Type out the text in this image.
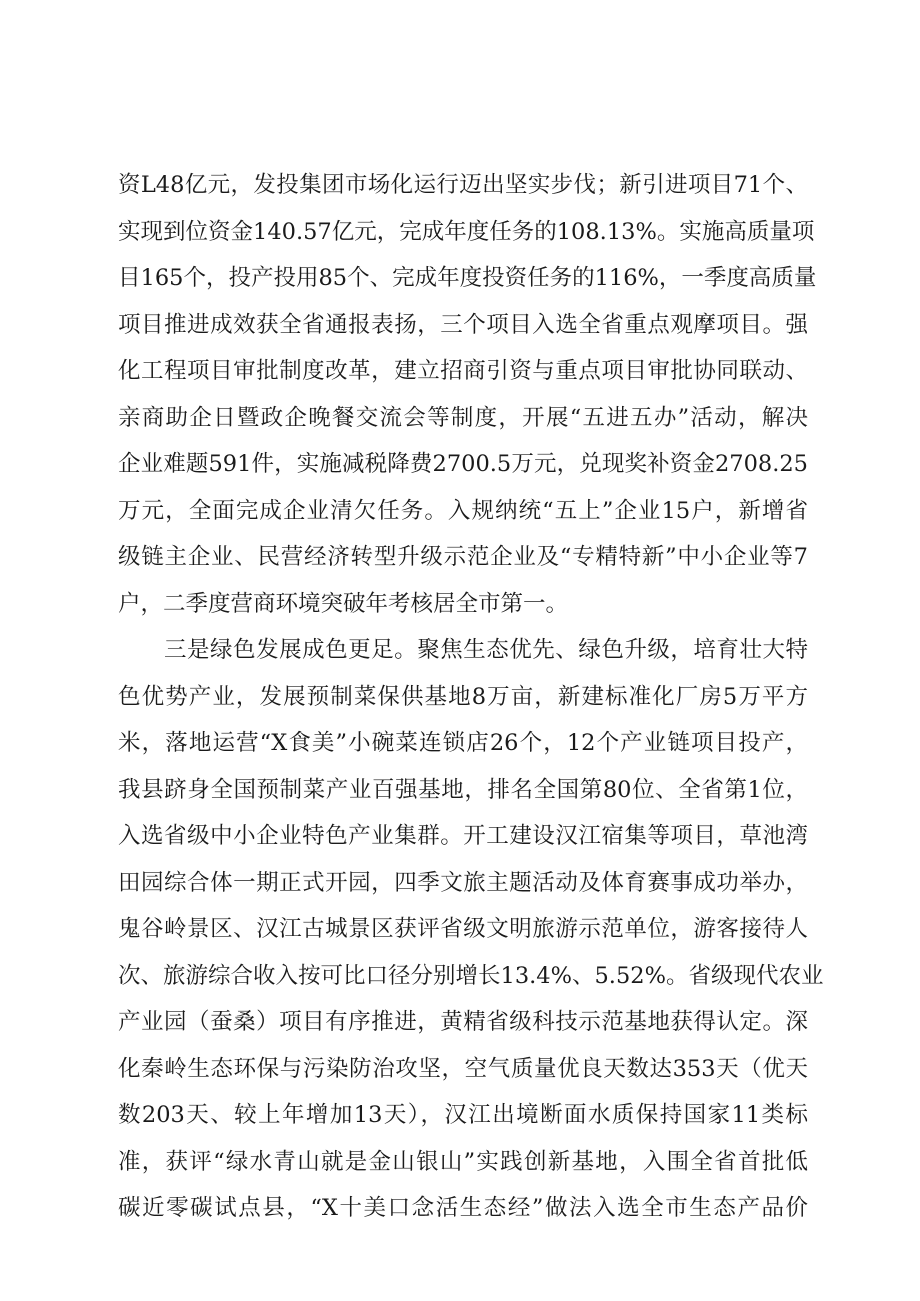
资L48亿元，发投集团市场化运行迈出坚实步伐；新引进项目71个、
实现到位资金140.57亿元，完成年度任务的108.13%。实施高质量项
目165个，投产投用85个、完成年度投资任务的116%，一季度高质量
项目推进成效获全省通报表扬，三个项目入选全省重点观摩项目。强
化工程项目审批制度改革，建立招商引资与重点项目审批协同联动、
亲商助企日暨政企晚餐交流会等制度，开展“五进五办”活动，解决
企业难题591件，实施减税降费2700.5万元，兑现奖补资金2708.25
万元，全面完成企业清欠任务。入规纳统“五上”企业15户，新增省
级链主企业、民营经济转型升级示范企业及“专精特新”中小企业等7
户，二季度营商环境突破年考核居全市第一。
三是绿色发展成色更足。聚焦生态优先、绿色升级，培育壮大特
色优势产业，发展预制菜保供基地8万亩，新建标准化厂房5万平方
米，落地运营“X食美”小碗菜连锁店26个，12个产业链项目投产，
我县跻身全国预制菜产业百强基地，排名全国第80位、全省第1位，
入选省级中小企业特色产业集群。开工建设汉江宿集等项目，草池湾
田园综合体一期正式开园，四季文旅主题活动及体育赛事成功举办，
鬼谷岭景区、汉江古城景区获评省级文明旅游示范单位，游客接待人
次、旅游综合收入按可比口径分别增长13.4%、5.52%。省级现代农业
产业园（蚕桑）项目有序推进，黄精省级科技示范基地获得认定。深
化秦岭生态环保与污染防治攻坚，空气质量优良天数达353天（优天
数203天、较上年增加13天），汉江出境断面水质保持国家11类标
准，获评“绿水青山就是金山银山”实践创新基地，入围全省首批低
碳近零碳试点县，“X十美口念活生态经”做法入选全市生态产品价
